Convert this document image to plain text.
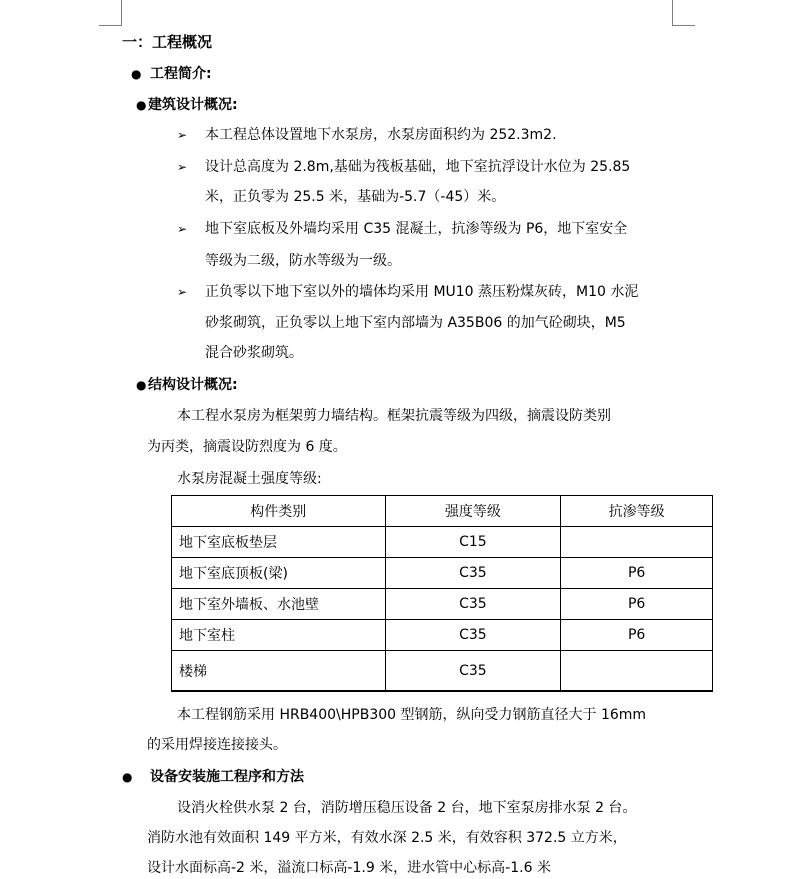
一：工程概况
● 工程简介:
● 建筑设计概况:
➢ 本工程总体设置地下水泵房，水泵房面积约为 252.3m2.
➢ 设计总高度为 2.8m,基础为筏板基础，地下室抗浮设计水位为 25.85
米，正负零为 25.5 米，基础为-5.7（-45）米。
➢ 地下室底板及外墙均采用 C35 混凝土，抗渗等级为 P6，地下室安全
等级为二级，防水等级为一级。
➢ 正负零以下地下室以外的墙体均采用 MU10 蒸压粉煤灰砖，M10 水泥
砂浆砌筑，正负零以上地下室内部墙为 A35B06 的加气砼砌块，M5
混合砂浆砌筑。
● 结构设计概况:
本工程水泵房为框架剪力墙结构。框架抗震等级为四级，摘震设防类别
为丙类，摘震设防烈度为 6 度。
水泵房混凝土强度等级:
构件类别	强度等级	抗渗等级
地下室底板垫层	C15	
地下室底顶板(梁)	C35	P6
地下室外墙板、水池壁	C35	P6
地下室柱	C35	P6
楼梯	C35	
本工程钢筋采用 HRB400\HPB300 型钢筋，纵向受力钢筋直径大于 16mm
的采用焊接连接接头。
● 设备安装施工程序和方法
设消火栓供水泵 2 台，消防增压稳压设备 2 台，地下室泵房排水泵 2 台。
消防水池有效面积 149 平方米，有效水深 2.5 米，有效容积 372.5 立方米，
设计水面标高-2 米，溢流口标高-1.9 米，进水管中心标高-1.6 米
